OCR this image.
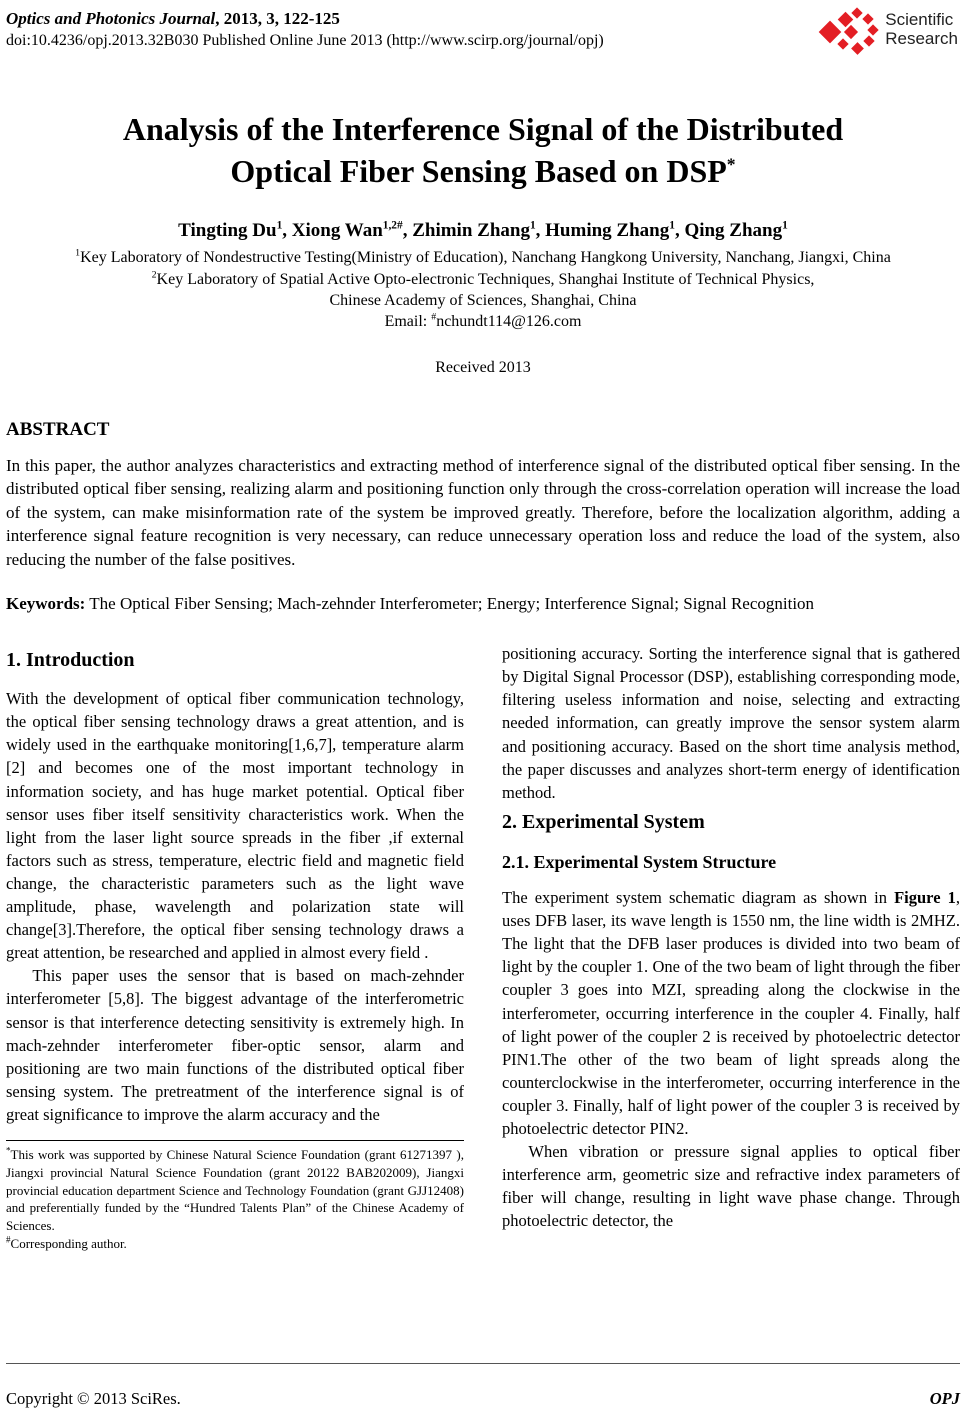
Optics and Photonics Journal, 2013, 3, 122-125
doi:10.4236/opj.2013.32B030 Published Online June 2013 (http://www.scirp.org/journal/opj)
Scientific
Research
Analysis of the Interference Signal of the Distributed
Optical Fiber Sensing Based on DSP*
Tingting Du$^1$, Xiong Wan$^{1,2\#}$, Zhimin Zhang$^1$, Huming Zhang$^1$, Qing Zhang$^1$
$^1$Key Laboratory of Nondestructive Testing(Ministry of Education), Nanchang Hangkong University, Nanchang, Jiangxi, China
$^2$Key Laboratory of Spatial Active Opto-electronic Techniques, Shanghai Institute of Technical Physics,
Chinese Academy of Sciences, Shanghai, China
Email: #nchundt114@126.com
Received 2013
ABSTRACT
In this paper, the author analyzes characteristics and extracting method of interference signal of the distributed optical fiber sensing. In the distributed optical fiber sensing, realizing alarm and positioning function only through the cross-correlation operation will increase the load of the system, can make misinformation rate of the system be improved greatly. Therefore, before the localization algorithm, adding a interference signal feature recognition is very necessary, can reduce unnecessary operation loss and reduce the load of the system, also reducing the number of the false positives.
Keywords: The Optical Fiber Sensing; Mach-zehnder Interferometer; Energy; Interference Signal; Signal Recognition
1. Introduction

With the development of optical fiber communication technology, the optical fiber sensing technology draws a great attention, and is widely used in the earthquake monitoring[1,6,7], temperature alarm [2] and becomes one of the most important technology in information society, and has huge market potential. Optical fiber sensor uses fiber itself sensitivity characteristics work. When the light from the laser light source spreads in the fiber ,if external factors such as stress, temperature, electric field and magnetic field change, the characteristic parameters such as the light wave amplitude, phase, wavelength and polarization state will change[3].Therefore, the optical fiber sensing technology draws a great attention, be researched and applied in almost every field .

This paper uses the sensor that is based on mach-zehnder interferometer [5,8]. The biggest advantage of the interferometric sensor is that interference detecting sensitivity is extremely high. In mach-zehnder interferometer fiber-optic sensor, alarm and positioning are two main functions of the distributed optical fiber sensing system. The pretreatment of the interference signal is of great significance to improve the alarm accuracy and the

*This work was supported by Chinese Natural Science Foundation (grant 61271397 ), Jiangxi provincial Natural Science Foundation (grant 20122 BAB202009), Jiangxi provincial education department Science and Technology Foundation (grant GJJ12408) and preferentially funded by the “Hundred Talents Plan” of the Chinese Academy of Sciences.

#Corresponding author.

positioning accuracy. Sorting the interference signal that is gathered by Digital Signal Processor (DSP), establishing corresponding mode, filtering useless information and noise, selecting and extracting needed information, can greatly improve the sensor system alarm and positioning accuracy. Based on the short time analysis method, the paper discusses and analyzes short-term energy of identification method.

2. Experimental System
2.1. Experimental System Structure

The experiment system schematic diagram as shown in Figure 1, uses DFB laser, its wave length is 1550 nm, the line width is 2MHZ. The light that the DFB laser produces is divided into two beam of light by the coupler 1. One of the two beam of light through the fiber coupler 3 goes into MZI, spreading along the clockwise in the interferometer, occurring interference in the coupler 4. Finally, half of light power of the coupler 2 is received by photoelectric detector PIN1.The other of the two beam of light spreads along the counterclockwise in the interferometer, occurring interference in the coupler 3. Finally, half of light power of the coupler 3 is received by photoelectric detector PIN2.

When vibration or pressure signal applies to optical fiber interference arm, geometric size and refractive index parameters of fiber will change, resulting in light wave phase change. Through photoelectric detector, the

Copyright © 2013 SciRes.	OPJ
